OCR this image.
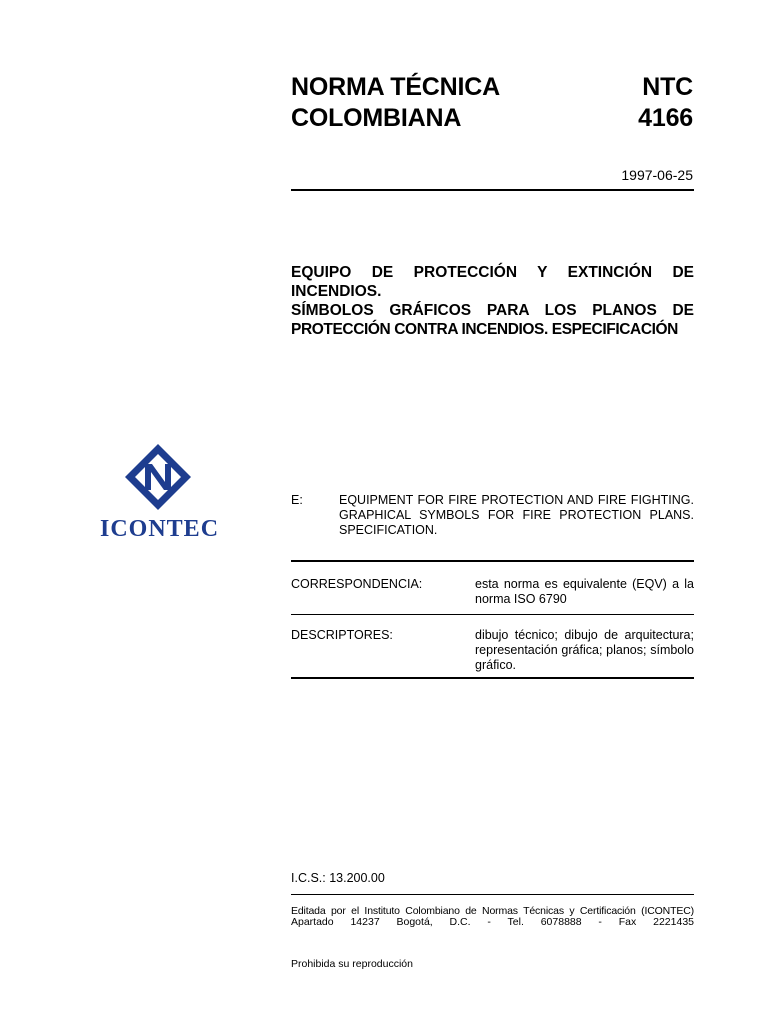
NORMA TÉCNICA
COLOMBIANA
NTC
4166
1997-06-25
EQUIPO DE PROTECCIÓN Y EXTINCIÓN DE
INCENDIOS.
SÍMBOLOS GRÁFICOS PARA LOS PLANOS DE
PROTECCIÓN CONTRA INCENDIOS. ESPECIFICACIÓN
ICONTEC
E:	EQUIPMENT FOR FIRE PROTECTION AND FIRE FIGHTING.
GRAPHICAL SYMBOLS FOR FIRE PROTECTION PLANS.
SPECIFICATION.
CORRESPONDENCIA:	esta norma es equivalente (EQV) a la
norma ISO 6790
DESCRIPTORES:	dibujo técnico; dibujo de arquitectura;
representación gráfica; planos; símbolo
gráfico.
I.C.S.: 13.200.00
Editada por el Instituto Colombiano de Normas Técnicas y Certificación (ICONTEC)
Apartado 14237 Bogotá, D.C. - Tel. 6078888 - Fax 2221435
Prohibida su reproducción
